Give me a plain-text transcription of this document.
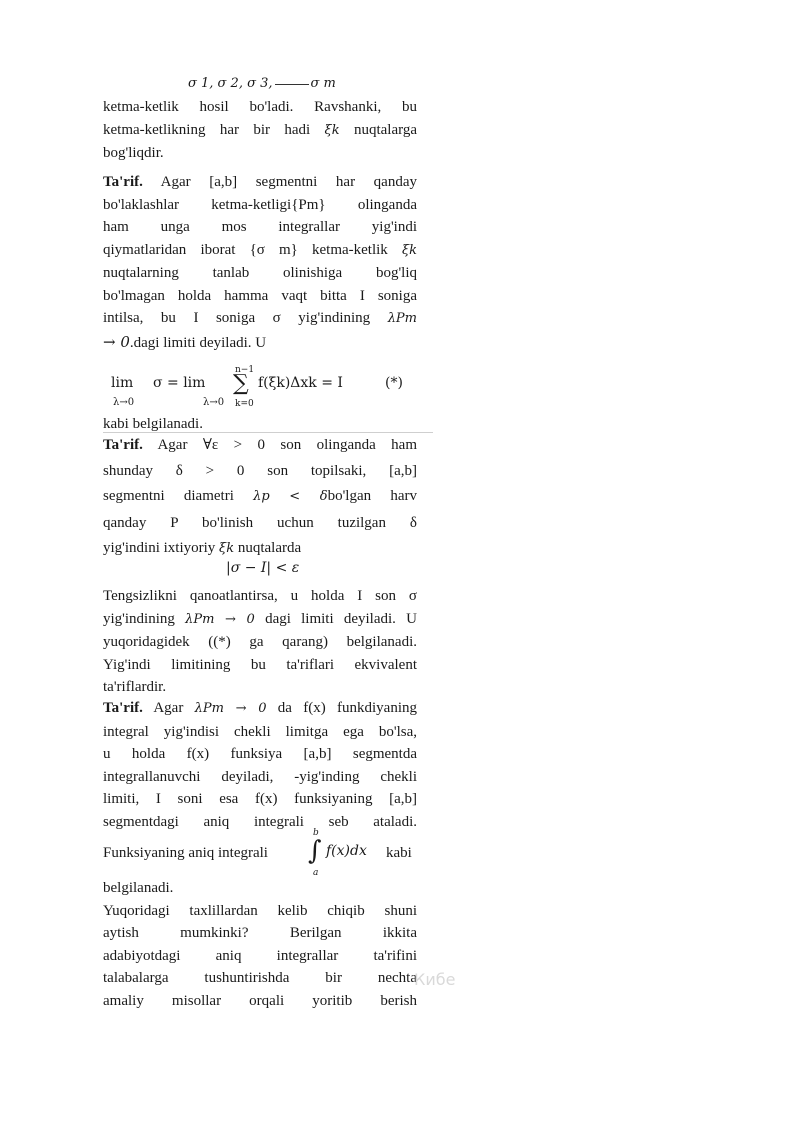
σ 1, σ 2, σ 3,	σ m

ketma-ketlik hosil bo'ladi. Ravshanki, bu

ketma-ketlikning har bir hadi ξk nuqtalarga

bog'liqdir.

Ta'rif. Agar [a,b] segmentni har qanday

bo'laklashlar ketma-ketligi{Pm} olinganda

ham unga mos integrallar yig'indi

qiymatlaridan iborat {σ m} ketma-ketlik ξk

nuqtalarning tanlab olinishiga bog'liq

bo'lmagan holda hamma vaqt bitta I soniga

intilsa, bu I soniga σ yig'indining λPm

→ 0.dagi limiti deyiladi. U

lim
λ→0
σ = lim
λ→0
n−1
∑
k=0
f(ξk)Δxk = I	(*)

kabi belgilanadi.

Ta'rif. Agar ∀ε > 0 son olinganda ham

shunday δ > 0 son topilsaki, [a,b]

segmentni diametri λp < δbo'lgan harv

qanday P bo'linish uchun tuzilgan δ

yig'indini ixtiyoriy ξk nuqtalarda

|σ − I| < ε

Tengsizlikni qanoatlantirsa, u holda I son σ

yig'indining λPm → 0 dagi limiti deyiladi. U

yuqoridagidek ((*) ga qarang) belgilanadi.

Yig'indi limitining bu ta'riflari ekvivalent

ta'riflardir.

Ta'rif. Agar λPm → 0 da f(x) funkdiyaning

integral yig'indisi chekli limitga ega bo'lsa,

u holda f(x) funksiya [a,b] segmentda

integrallanuvchi deyiladi, -yig'inding chekli

limiti, I soni esa f(x) funksiyaning [a,b]

segmentdagi aniq integrali seb ataladi.

Funksiyaning aniq integrali	kabi

b
∫
a
f(x)dx

belgilanadi.

Yuqoridagi taxlillardan kelib chiqib shuni

aytish mumkinki? Berilgan ikkita

adabiyotdagi aniq integrallar ta'rifini

talabalarga tushuntirishda bir nechta

amaliy misollar orqali yoritib berish

Кибе
